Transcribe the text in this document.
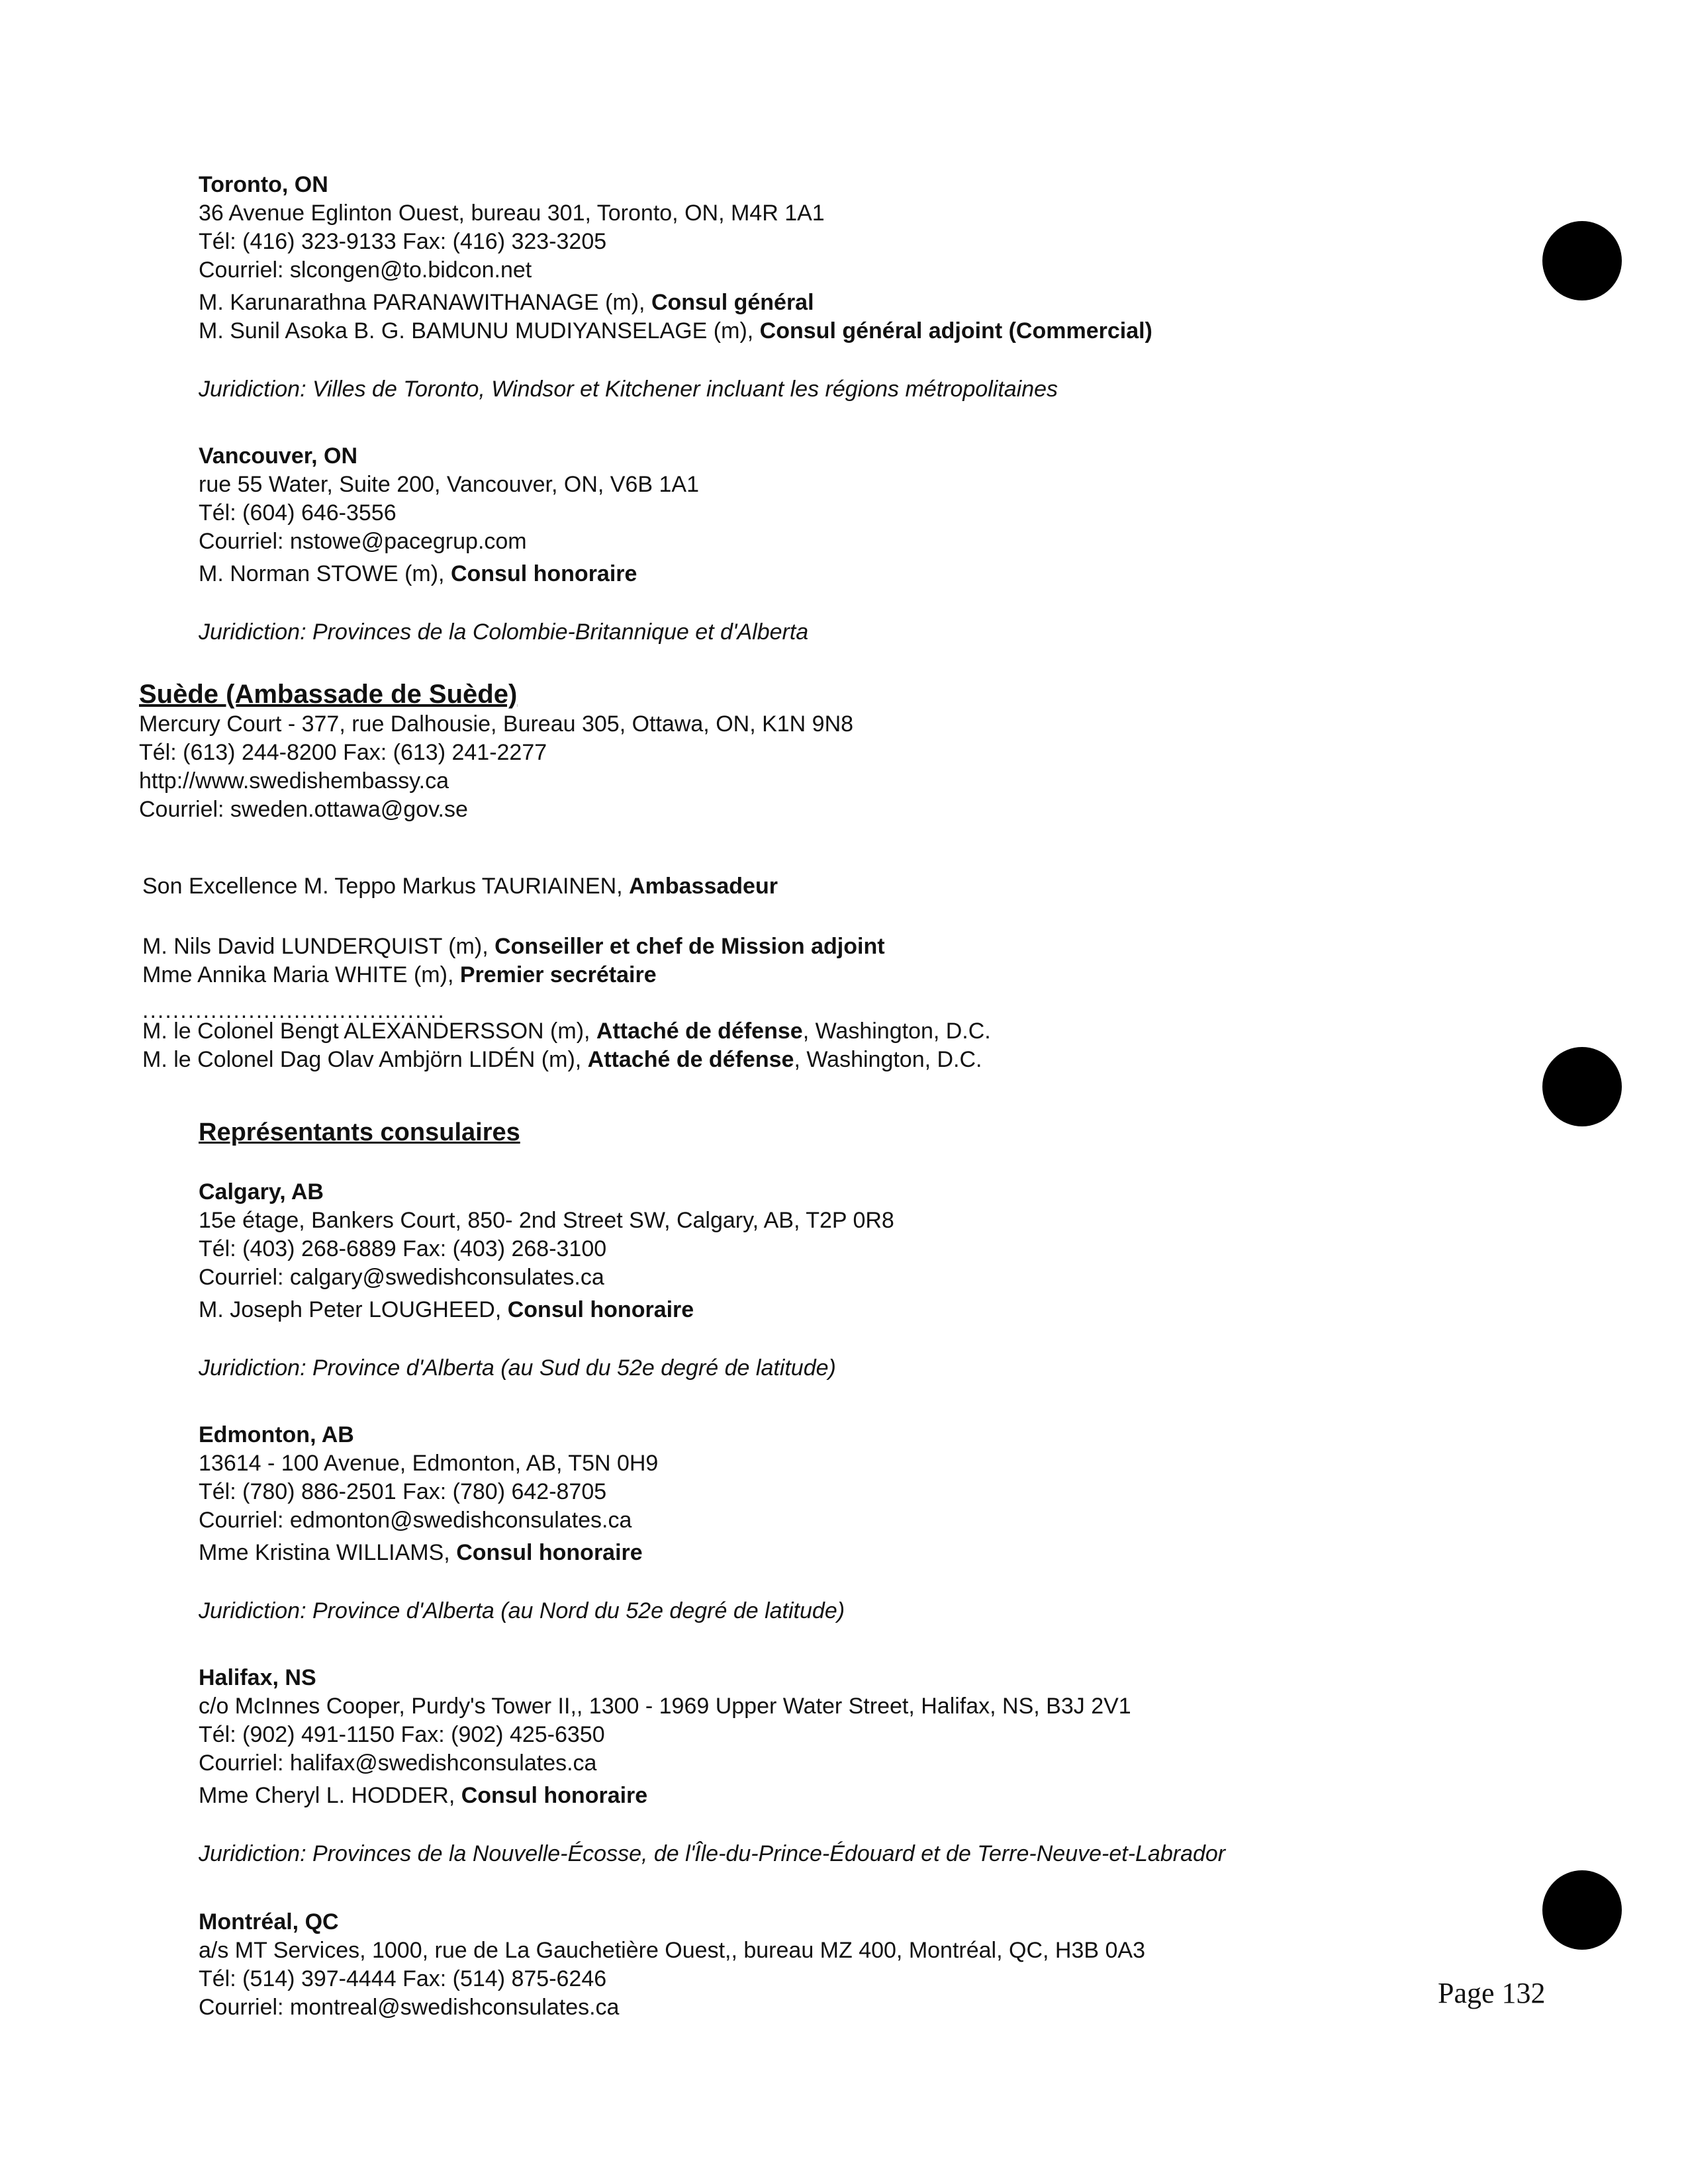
Toronto, ON
36 Avenue Eglinton Ouest, bureau 301, Toronto, ON, M4R 1A1
Tél: (416) 323-9133 Fax: (416) 323-3205
Courriel: slcongen@to.bidcon.net
M. Karunarathna PARANAWITHANAGE (m), Consul général
M. Sunil Asoka B. G. BAMUNU MUDIYANSELAGE (m), Consul général adjoint (Commercial)
Juridiction: Villes de Toronto, Windsor et Kitchener incluant les régions métropolitaines
Vancouver, ON
rue 55 Water, Suite 200, Vancouver, ON, V6B 1A1
Tél: (604) 646-3556
Courriel: nstowe@pacegrup.com
M. Norman STOWE (m), Consul honoraire
Juridiction: Provinces de la Colombie-Britannique et d'Alberta
Suède (Ambassade de Suède)
Mercury Court - 377, rue Dalhousie, Bureau 305, Ottawa, ON, K1N 9N8
Tél: (613) 244-8200 Fax: (613) 241-2277
http://www.swedishembassy.ca
Courriel: sweden.ottawa@gov.se
Son Excellence M. Teppo Markus TAURIAINEN, Ambassadeur
M. Nils David LUNDERQUIST (m), Conseiller et chef de Mission adjoint
Mme Annika Maria WHITE (m), Premier secrétaire
........................................
M. le Colonel Bengt ALEXANDERSSON (m), Attaché de défense, Washington, D.C.
M. le Colonel Dag Olav Ambjörn LIDÉN (m), Attaché de défense, Washington, D.C.
Représentants consulaires
Calgary, AB
15e étage, Bankers Court, 850- 2nd Street SW, Calgary, AB, T2P 0R8
Tél: (403) 268-6889 Fax: (403) 268-3100
Courriel: calgary@swedishconsulates.ca
M. Joseph Peter LOUGHEED, Consul honoraire
Juridiction: Province d'Alberta (au Sud du 52e degré de latitude)
Edmonton, AB
13614 - 100 Avenue, Edmonton, AB, T5N 0H9
Tél: (780) 886-2501 Fax: (780) 642-8705
Courriel: edmonton@swedishconsulates.ca
Mme Kristina WILLIAMS, Consul honoraire
Juridiction: Province d'Alberta (au Nord du 52e degré de latitude)
Halifax, NS
c/o McInnes Cooper, Purdy's Tower II,, 1300 - 1969 Upper Water Street, Halifax, NS, B3J 2V1
Tél: (902) 491-1150 Fax: (902) 425-6350
Courriel: halifax@swedishconsulates.ca
Mme Cheryl L. HODDER, Consul honoraire
Juridiction: Provinces de la Nouvelle-Écosse, de l'Île-du-Prince-Édouard et de Terre-Neuve-et-Labrador
Montréal, QC
a/s MT Services, 1000, rue de La Gauchetière Ouest,, bureau MZ 400, Montréal, QC, H3B 0A3
Tél: (514) 397-4444 Fax: (514) 875-6246
Courriel: montreal@swedishconsulates.ca	Page 132
